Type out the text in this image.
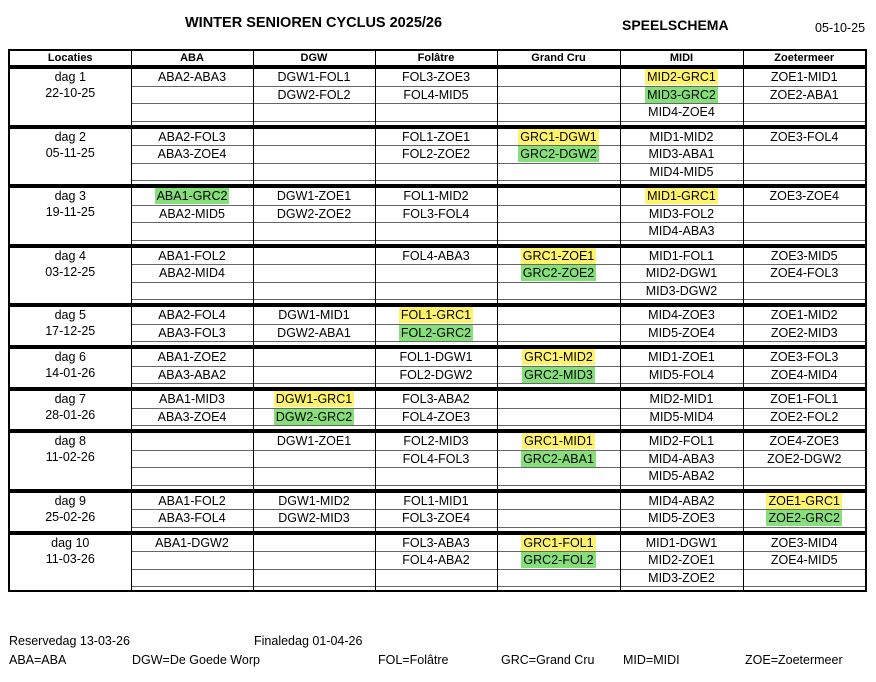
WINTER SENIOREN CYCLUS 2025/26	SPEELSCHEMA	05-10-25
Locaties	ABA	DGW	Folâtre	Grand Cru	MIDI	Zoetermeer

dag 1
22-10-25	ABA2-ABA3	DGW1-FOL1	FOL3-ZOE3		MID2-GRC1	ZOE1-MID1
		DGW2-FOL2	FOL4-MID5		MID3-GRC2	ZOE2-ABA1
					MID4-ZOE4	

dag 2
05-11-25	ABA2-FOL3		FOL1-ZOE1	GRC1-DGW1	MID1-MID2	ZOE3-FOL4
	ABA3-ZOE4		FOL2-ZOE2	GRC2-DGW2	MID3-ABA1	
					MID4-MID5	

dag 3
19-11-25	ABA1-GRC2	DGW1-ZOE1	FOL1-MID2		MID1-GRC1	ZOE3-ZOE4
	ABA2-MID5	DGW2-ZOE2	FOL3-FOL4		MID3-FOL2	
					MID4-ABA3	

dag 4
03-12-25	ABA1-FOL2		FOL4-ABA3	GRC1-ZOE1	MID1-FOL1	ZOE3-MID5
	ABA2-MID4			GRC2-ZOE2	MID2-DGW1	ZOE4-FOL3
					MID3-DGW2	

dag 5
17-12-25	ABA2-FOL4	DGW1-MID1	FOL1-GRC1		MID4-ZOE3	ZOE1-MID2
	ABA3-FOL3	DGW2-ABA1	FOL2-GRC2		MID5-ZOE4	ZOE2-MID3

dag 6
14-01-26	ABA1-ZOE2		FOL1-DGW1	GRC1-MID2	MID1-ZOE1	ZOE3-FOL3
	ABA3-ABA2		FOL2-DGW2	GRC2-MID3	MID5-FOL4	ZOE4-MID4

dag 7
28-01-26	ABA1-MID3	DGW1-GRC1	FOL3-ABA2		MID2-MID1	ZOE1-FOL1
	ABA3-ZOE4	DGW2-GRC2	FOL4-ZOE3		MID5-MID4	ZOE2-FOL2

dag 8
11-02-26		DGW1-ZOE1	FOL2-MID3	GRC1-MID1	MID2-FOL1	ZOE4-ZOE3
			FOL4-FOL3	GRC2-ABA1	MID4-ABA3	ZOE2-DGW2
					MID5-ABA2	

dag 9
25-02-26	ABA1-FOL2	DGW1-MID2	FOL1-MID1		MID4-ABA2	ZOE1-GRC1
	ABA3-FOL4	DGW2-MID3	FOL3-ZOE4		MID5-ZOE3	ZOE2-GRC2

dag 10
11-03-26	ABA1-DGW2		FOL3-ABA3	GRC1-FOL1	MID1-DGW1	ZOE3-MID4
			FOL4-ABA2	GRC2-FOL2	MID2-ZOE1	ZOE4-MID5
					MID3-ZOE2	

Reservedag 13-03-26	Finaledag 01-04-26
ABA=ABA	DGW=De Goede Worp	FOL=Folâtre	GRC=Grand Cru MID=MIDI	ZOE=Zoetermeer
